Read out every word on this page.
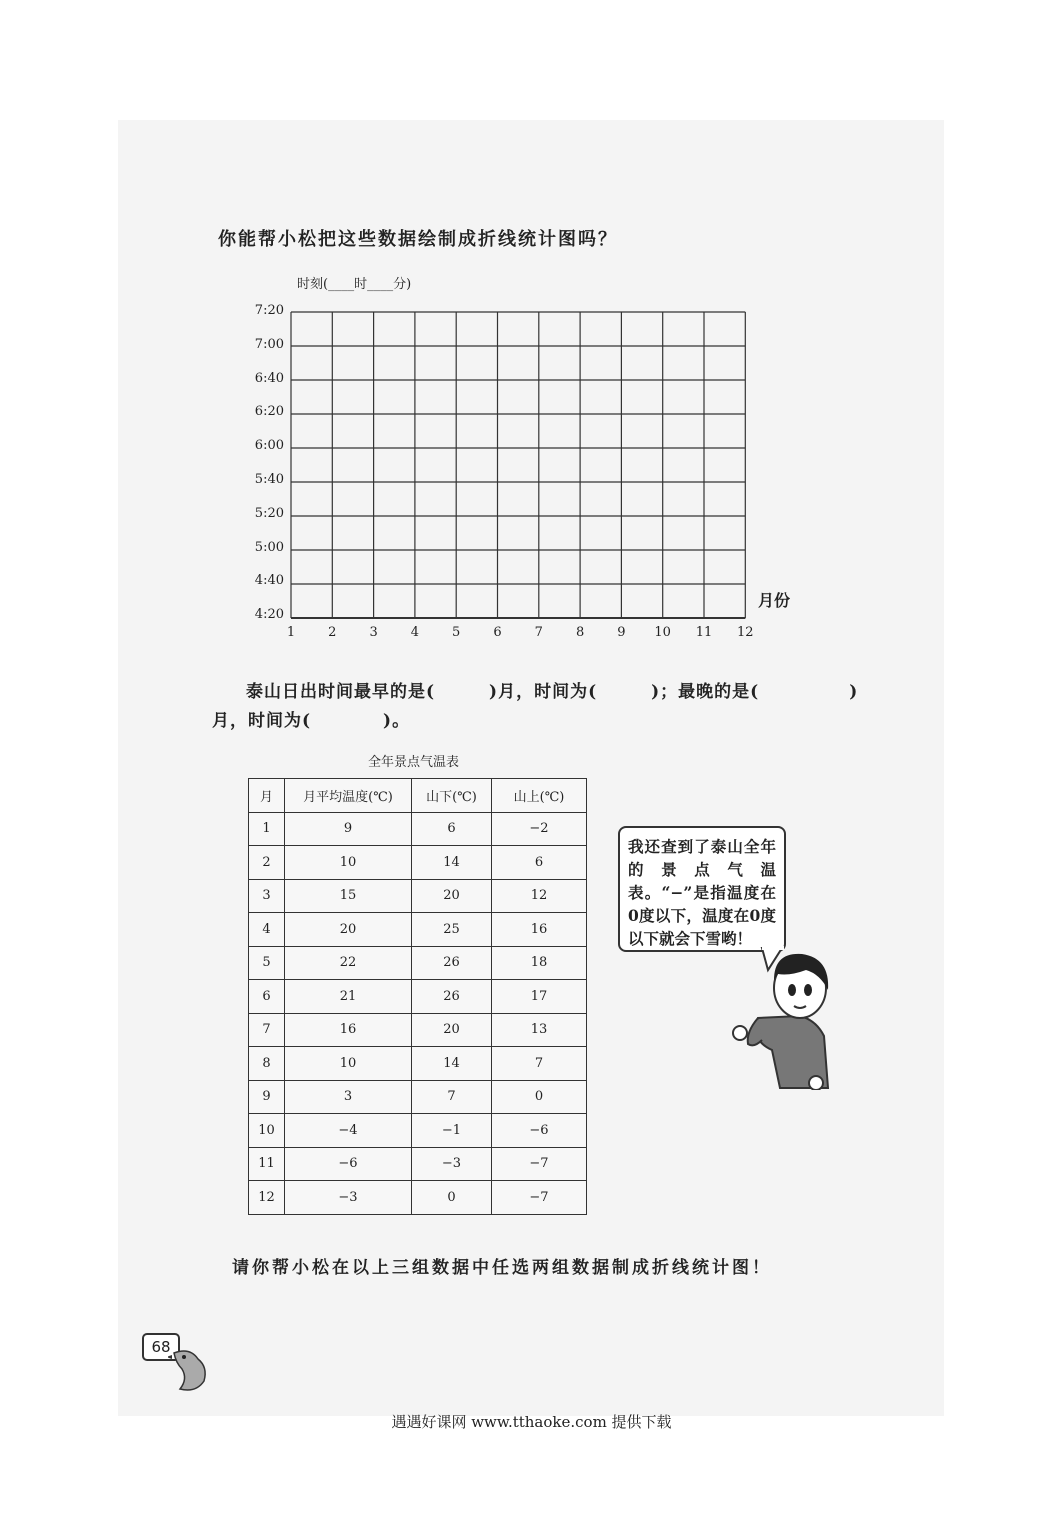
你能帮小松把这些数据绘制成折线统计图吗？
时刻(____时____分)
7:20
7:00
6:40
6:20
6:00
5:40
5:20
5:00
4:40
4:20
1	2	3	4	5	6	7	8	9	10	11	12
月份
泰山日出时间最早的是(　　　)月，时间为(　　　)；最晚的是(　　　　　)
月，时间为(　　　　)。
全年景点气温表
月	月平均温度(℃)	山下(℃)	山上(℃)
1	9	6	−2
2	10	14	6
3	15	20	12
4	20	25	16
5	22	26	18
6	21	26	17
7	16	20	13
8	10	14	7
9	3	7	0
10	−4	−1	−6
11	−6	−3	−7
12	−3	0	−7
我还查到了泰山全年的景点气温表。“−”是指温度在0度以下，温度在0度以下就会下雪哟！
请你帮小松在以上三组数据中任选两组数据制成折线统计图！
68
遇遇好课网 www.tthaoke.com 提供下载
